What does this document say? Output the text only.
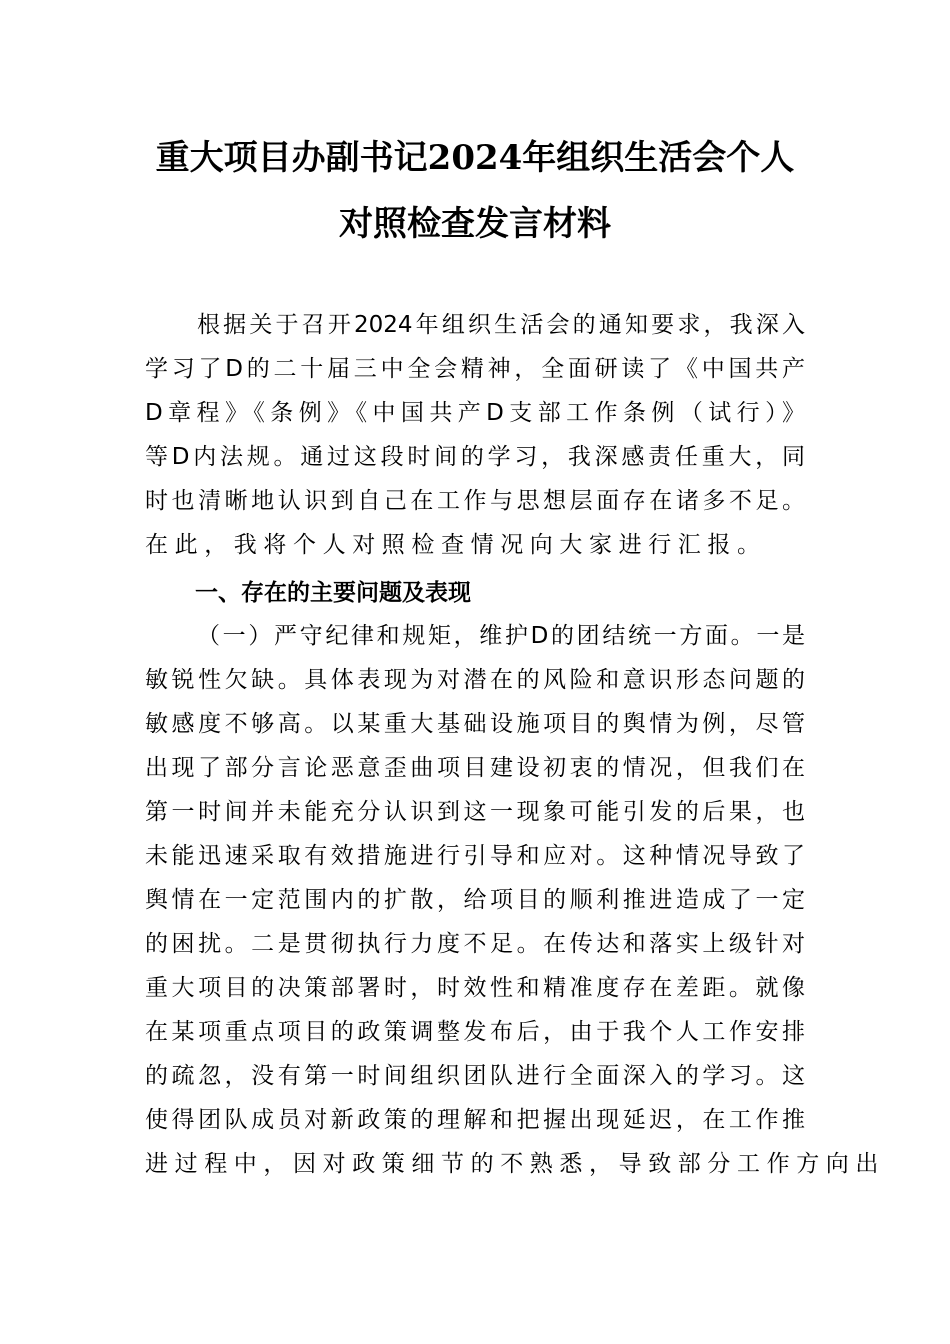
重大项目办副书记2024年组织生活会个人
对照检查发言材料
根据关于召开2024年组织生活会的通知要求，我深入
学习了D的二十届三中全会精神，全面研读了《中国共产
D章程》《条例》《中国共产D支部工作条例（试行）》
等D内法规。通过这段时间的学习，我深感责任重大，同
时也清晰地认识到自己在工作与思想层面存在诸多不足。
在此，我将个人对照检查情况向大家进行汇报。
一、存在的主要问题及表现
（一）严守纪律和规矩，维护D的团结统一方面。一是
敏锐性欠缺。具体表现为对潜在的风险和意识形态问题的
敏感度不够高。以某重大基础设施项目的舆情为例，尽管
出现了部分言论恶意歪曲项目建设初衷的情况，但我们在
第一时间并未能充分认识到这一现象可能引发的后果，也
未能迅速采取有效措施进行引导和应对。这种情况导致了
舆情在一定范围内的扩散，给项目的顺利推进造成了一定
的困扰。二是贯彻执行力度不足。在传达和落实上级针对
重大项目的决策部署时，时效性和精准度存在差距。就像
在某项重点项目的政策调整发布后，由于我个人工作安排
的疏忽，没有第一时间组织团队进行全面深入的学习。这
使得团队成员对新政策的理解和把握出现延迟，在工作推
进过程中，因对政策细节的不熟悉，导致部分工作方向出
